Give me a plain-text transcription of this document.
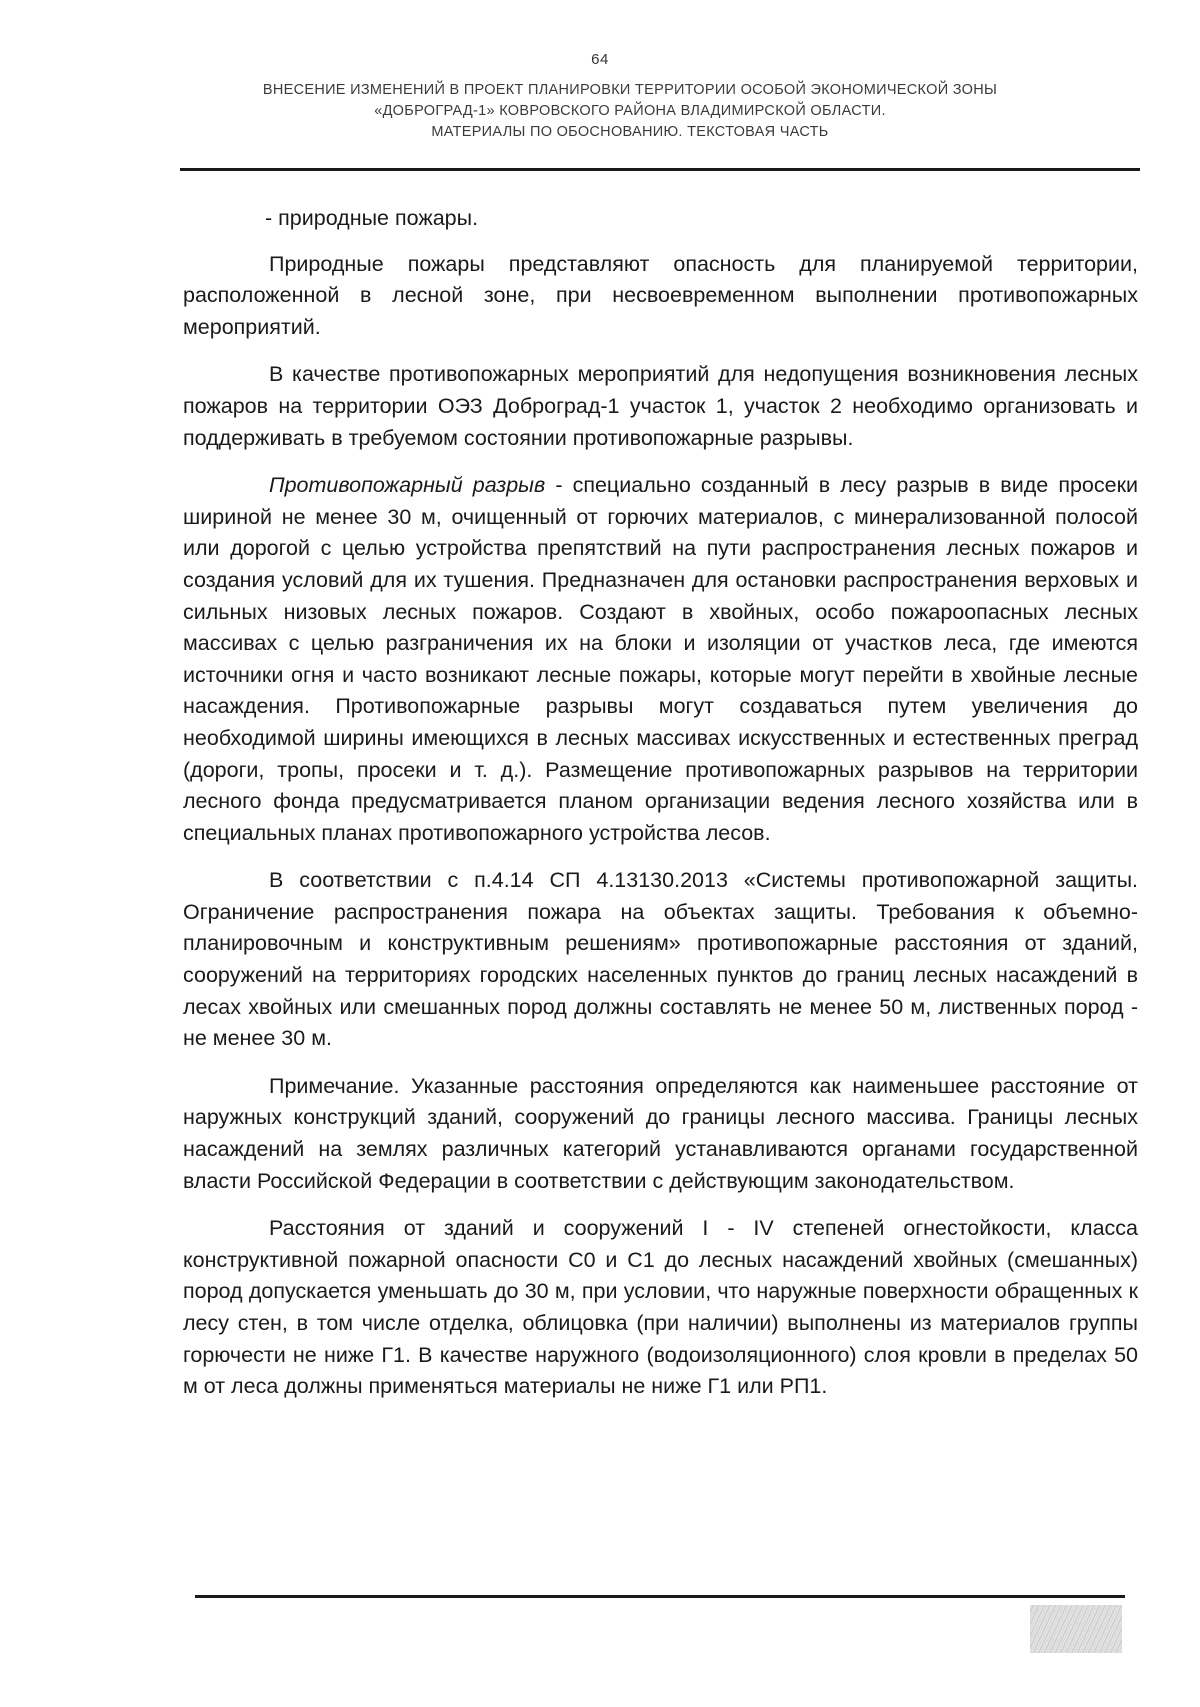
64
ВНЕСЕНИЕ ИЗМЕНЕНИЙ В ПРОЕКТ ПЛАНИРОВКИ ТЕРРИТОРИИ ОСОБОЙ ЭКОНОМИЧЕСКОЙ ЗОНЫ
«ДОБРОГРАД-1» КОВРОВСКОГО РАЙОНА ВЛАДИМИРСКОЙ ОБЛАСТИ.
МАТЕРИАЛЫ ПО ОБОСНОВАНИЮ. ТЕКСТОВАЯ ЧАСТЬ

- природные пожары.

Природные пожары представляют опасность для планируемой территории, расположенной в лесной зоне, при несвоевременном выполнении противопожарных мероприятий.

В качестве противопожарных мероприятий для недопущения возникновения лесных пожаров на территории ОЭЗ Доброград-1 участок 1, участок 2 необходимо организовать и поддерживать в требуемом состоянии противопожарные разрывы.

Противопожарный разрыв - специально созданный в лесу разрыв в виде просеки шириной не менее 30 м, очищенный от горючих материалов, с минерализованной полосой или дорогой с целью устройства препятствий на пути распространения лесных пожаров и создания условий для их тушения. Предназначен для остановки распространения верховых и сильных низовых лесных пожаров. Создают в хвойных, особо пожароопасных лесных массивах с целью разграничения их на блоки и изоляции от участков леса, где имеются источники огня и часто возникают лесные пожары, которые могут перейти в хвойные лесные насаждения. Противопожарные разрывы могут создаваться путем увеличения до необходимой ширины имеющихся в лесных массивах искусственных и естественных преград (дороги, тропы, просеки и т. д.). Размещение противопожарных разрывов на территории лесного фонда предусматривается планом организации ведения лесного хозяйства или в специальных планах противопожарного устройства лесов.

В соответствии с п.4.14 СП 4.13130.2013 «Системы противопожарной защиты. Ограничение распространения пожара на объектах защиты. Требования к объемно-планировочным и конструктивным решениям» противопожарные расстояния от зданий, сооружений на территориях городских населенных пунктов до границ лесных насаждений в лесах хвойных или смешанных пород должны составлять не менее 50 м, лиственных пород - не менее 30 м.

Примечание. Указанные расстояния определяются как наименьшее расстояние от наружных конструкций зданий, сооружений до границы лесного массива. Границы лесных насаждений на землях различных категорий устанавливаются органами государственной власти Российской Федерации в соответствии с действующим законодательством.

Расстояния от зданий и сооружений I - IV степеней огнестойкости, класса конструктивной пожарной опасности С0 и С1 до лесных насаждений хвойных (смешанных) пород допускается уменьшать до 30 м, при условии, что наружные поверхности обращенных к лесу стен, в том числе отделка, облицовка (при наличии) выполнены из материалов группы горючести не ниже Г1. В качестве наружного (водоизоляционного) слоя кровли в пределах 50 м от леса должны применяться материалы не ниже Г1 или РП1.
